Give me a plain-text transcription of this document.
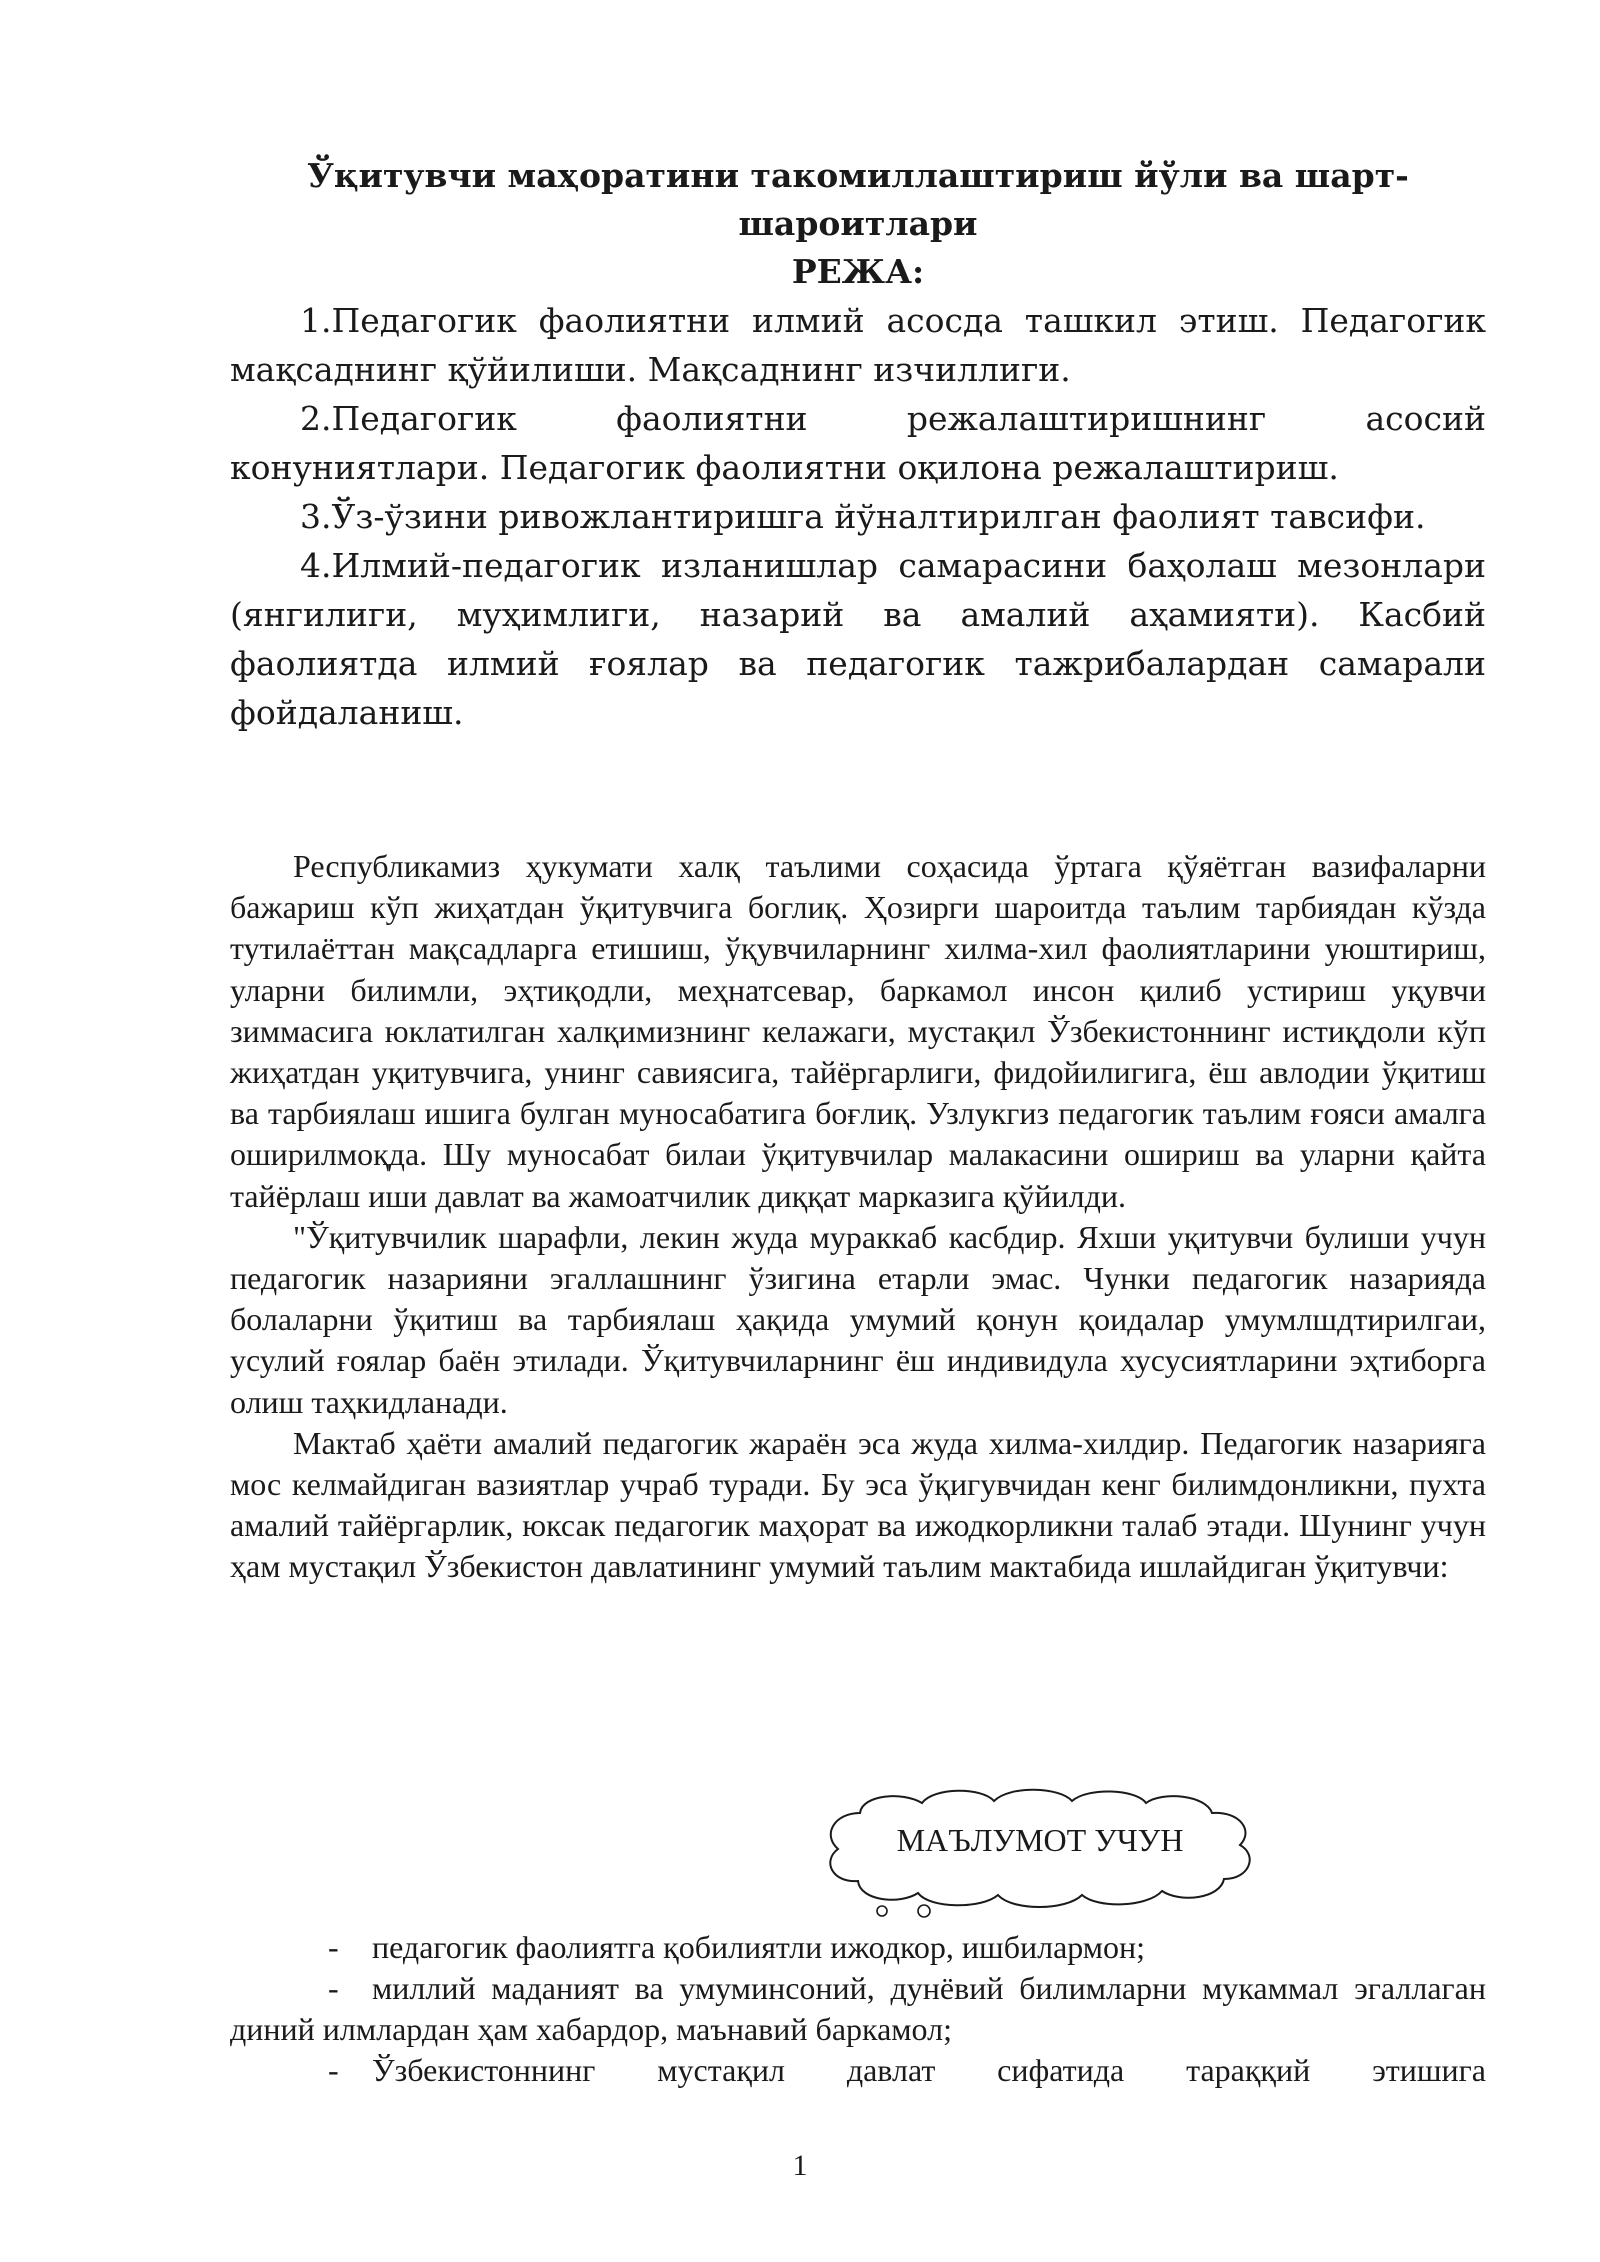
Ўқитувчи маҳоратини такомиллаштириш йўли ва шарт-
шароитлари
РЕЖА:

1.Педагогик фаолиятни илмий асосда ташкил этиш. Педагогик мақсаднинг қўйилиши. Мақсаднинг изчиллиги.

2.Педагогик фаолиятни режалаштиришнинг асосий конуниятлари. Педагогик фаолиятни оқилона режалаштириш.

3.Ўз-ўзини ривожлантиришга йўналтирилган фаолият тавсифи.

4.Илмий-педагогик изланишлар самарасини баҳолаш мезонлари (янгилиги, муҳимлиги, назарий ва амалий аҳамияти). Касбий фаолиятда илмий ғоялар ва педагогик тажрибалардан самарали фойдаланиш.

Республикамиз ҳукумати халқ таълими соҳасида ўртага қўяётган вазифаларни бажариш кўп жиҳатдан ўқитувчига боглиқ. Ҳозирги шароитда таълим тарбиядан кўзда тутилаёттан мақсадларга етишиш, ўқувчиларнинг хилма-хил фаолиятларини уюштириш, уларни билимли, эҳтиқодли, меҳнатсевар, баркамол инсон қилиб устириш уқувчи зиммасига юклатилган халқимизнинг келажаги, мустақил Ўзбекистоннинг истиқдоли кўп жиҳатдан уқитувчига, унинг савиясига, тайёргарлиги, фидойилигига, ёш авлодии ўқитиш ва тарбиялаш ишига булган муносабатига боғлиқ. Узлукгиз педагогик таълим ғояси амалга оширилмоқда. Шу муносабат билаи ўқитувчилар малакасини ошириш ва уларни қайта тайёрлаш иши давлат ва жамоатчилик диққат марказига қўйилди.

"Ўқитувчилик шарафли, лекин жуда мураккаб касбдир. Яхши уқитувчи булиши учун педагогик назарияни эгаллашнинг ўзигина етарли эмас. Чунки педагогик назарияда болаларни ўқитиш ва тарбиялаш ҳақида умумий қонун қоидалар умумлшдтирилгаи, усулий ғоялар баён этилади. Ўқитувчиларнинг ёш индивидула хусусиятларини эҳтиборга олиш таҳкидланади.

Мактаб ҳаёти амалий педагогик жараён эса жуда хилма-хилдир. Педагогик назарияга мос келмайдиган вазиятлар учраб туради. Бу эса ўқигувчидан кенг билимдонликни, пухта амалий тайёргарлик, юксак педагогик маҳорат ва ижодкорликни талаб этади. Шунинг учун ҳам мустақил Ўзбекистон давлатининг умумий таълим мактабида ишлайдиган ўқитувчи:

МАЪЛУМОТ УЧУН

- педагогик фаолиятга қобилиятли ижодкор, ишбилармон;

- миллий маданият ва умуминсоний, дунёвий билимларни мукаммал эгаллаган диний илмлардан ҳам хабардор, маънавий баркамол;

- Ўзбекистоннинг мустақил давлат сифатида тараққий этишига

1
